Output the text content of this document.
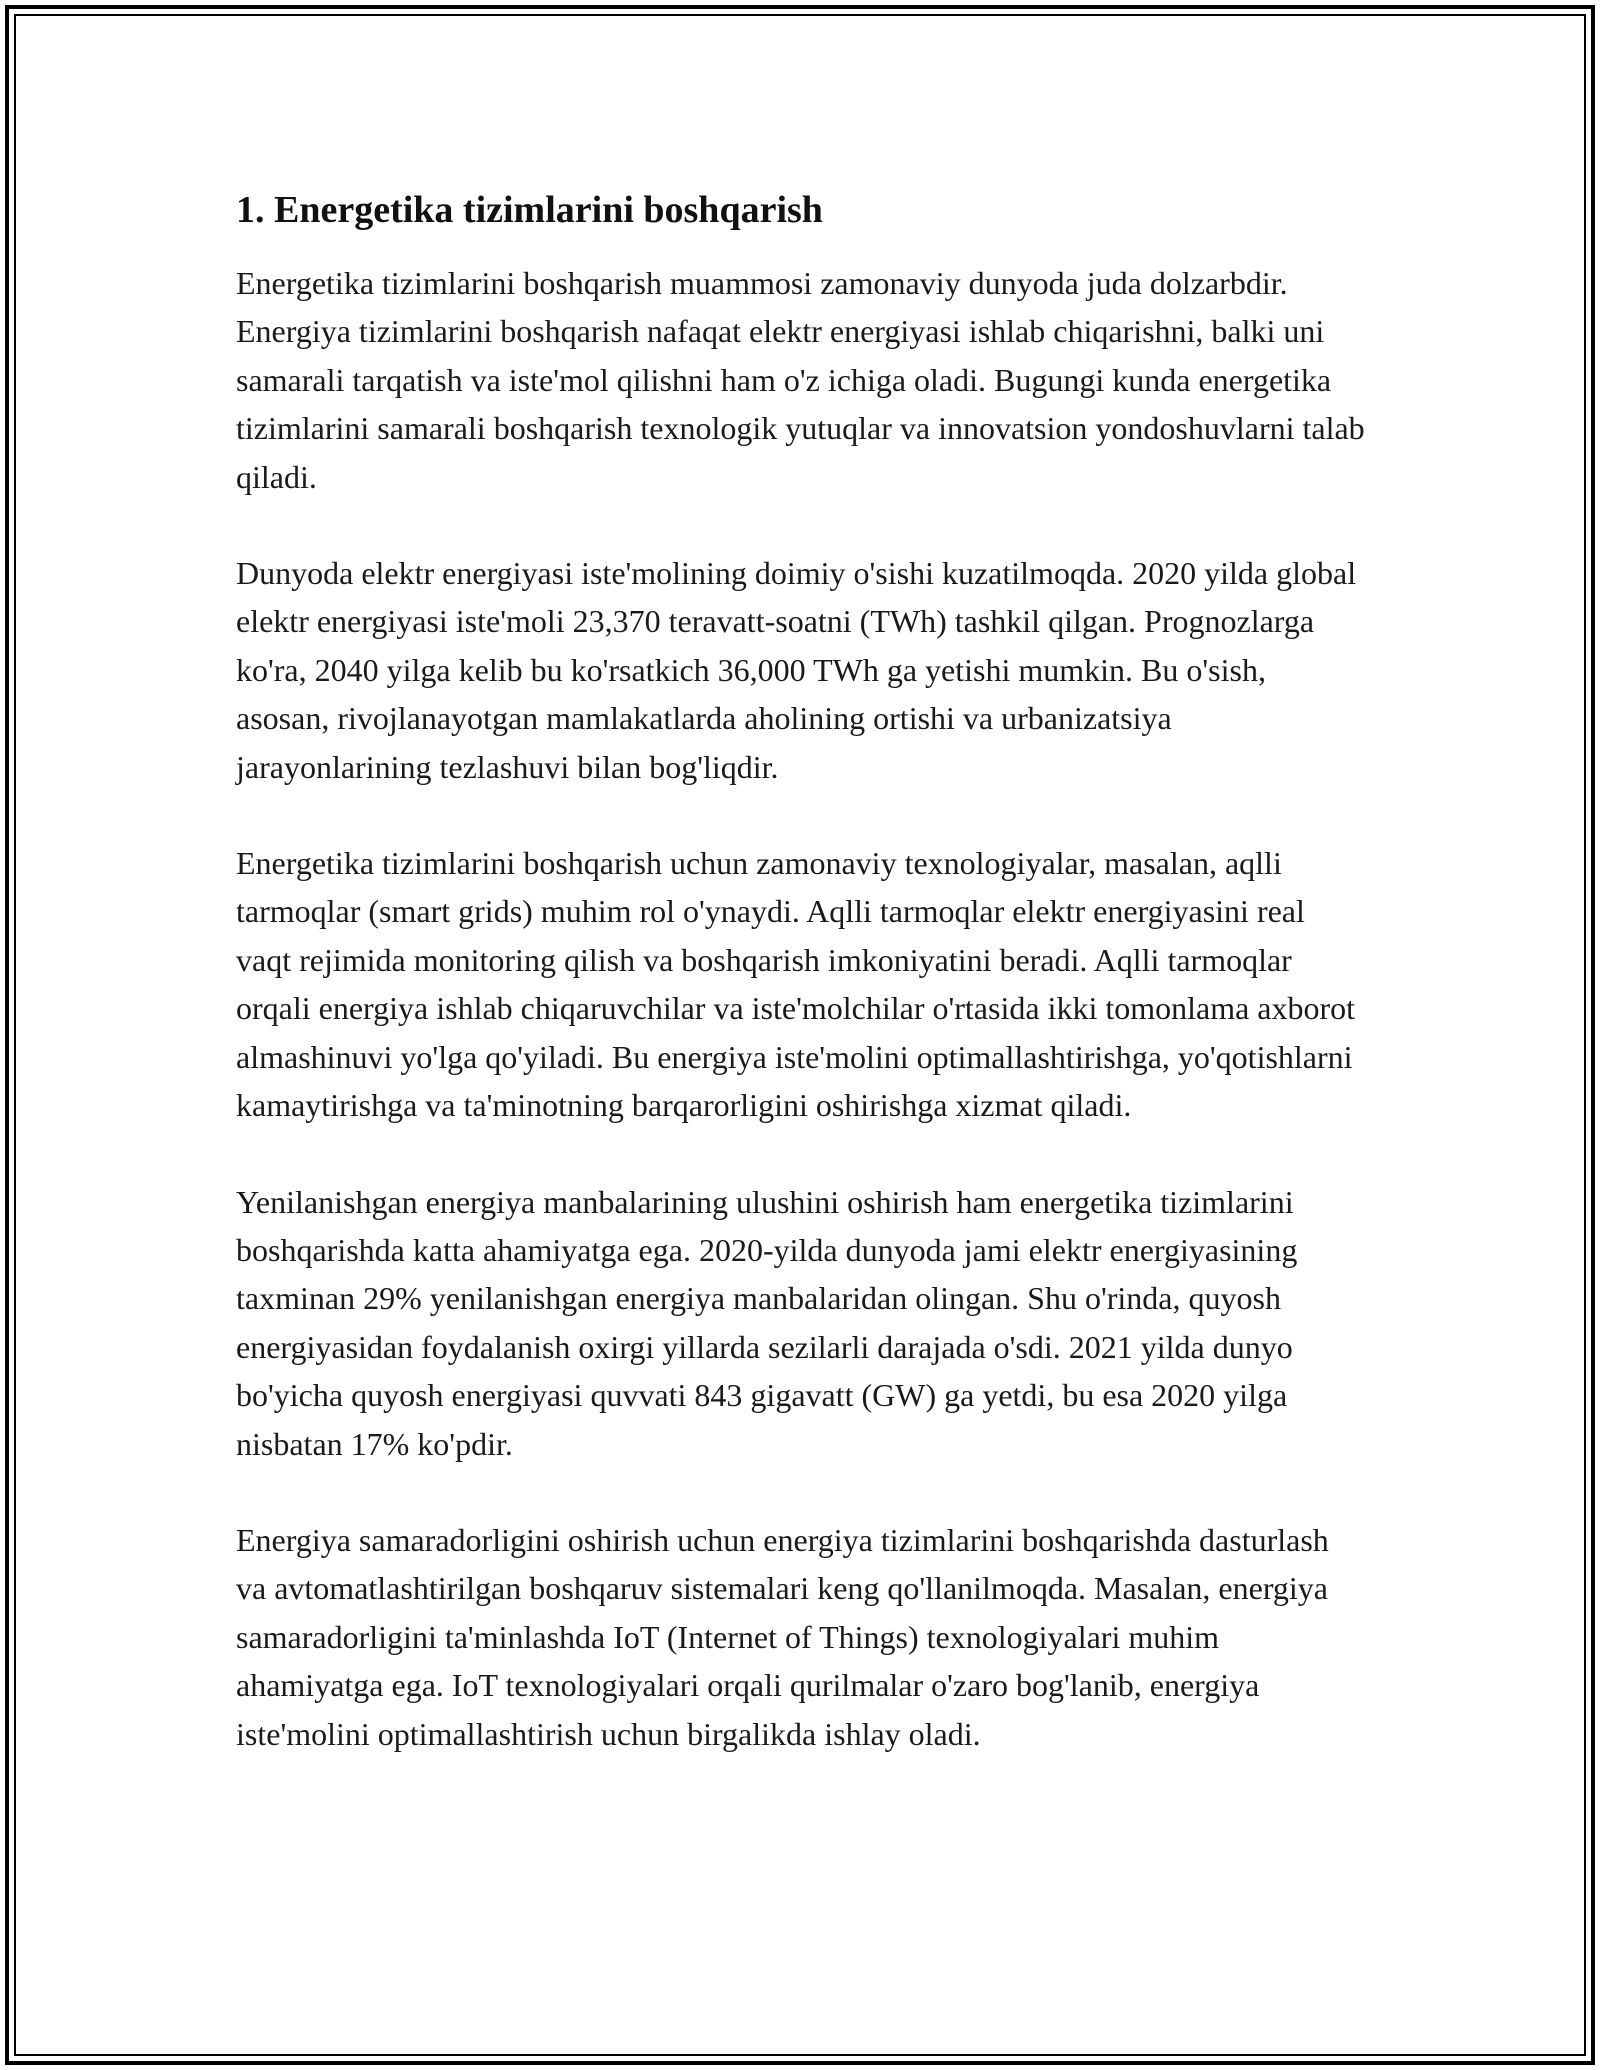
1. Energetika tizimlarini boshqarish

Energetika tizimlarini boshqarish muammosi zamonaviy dunyoda juda dolzarbdir. Energiya tizimlarini boshqarish nafaqat elektr energiyasi ishlab chiqarishni, balki uni samarali tarqatish va iste'mol qilishni ham o'z ichiga oladi. Bugungi kunda energetika tizimlarini samarali boshqarish texnologik yutuqlar va innovatsion yondoshuvlarni talab qiladi.

Dunyoda elektr energiyasi iste'molining doimiy o'sishi kuzatilmoqda. 2020 yilda global elektr energiyasi iste'moli 23,370 teravatt-soatni (TWh) tashkil qilgan. Prognozlarga ko'ra, 2040 yilga kelib bu ko'rsatkich 36,000 TWh ga yetishi mumkin. Bu o'sish, asosan, rivojlanayotgan mamlakatlarda aholining ortishi va urbanizatsiya jarayonlarining tezlashuvi bilan bog'liqdir.

Energetika tizimlarini boshqarish uchun zamonaviy texnologiyalar, masalan, aqlli tarmoqlar (smart grids) muhim rol o'ynaydi. Aqlli tarmoqlar elektr energiyasini real vaqt rejimida monitoring qilish va boshqarish imkoniyatini beradi. Aqlli tarmoqlar orqali energiya ishlab chiqaruvchilar va iste'molchilar o'rtasida ikki tomonlama axborot almashinuvi yo'lga qo'yiladi. Bu energiya iste'molini optimallashtirishga, yo'qotishlarni kamaytirishga va ta'minotning barqarorligini oshirishga xizmat qiladi.

Yenilanishgan energiya manbalarining ulushini oshirish ham energetika tizimlarini boshqarishda katta ahamiyatga ega. 2020-yilda dunyoda jami elektr energiyasining taxminan 29% yenilanishgan energiya manbalaridan olingan. Shu o'rinda, quyosh energiyasidan foydalanish oxirgi yillarda sezilarli darajada o'sdi. 2021 yilda dunyo bo'yicha quyosh energiyasi quvvati 843 gigavatt (GW) ga yetdi, bu esa 2020 yilga nisbatan 17% ko'pdir.

Energiya samaradorligini oshirish uchun energiya tizimlarini boshqarishda dasturlash va avtomatlashtirilgan boshqaruv sistemalari keng qo'llanilmoqda. Masalan, energiya samaradorligini ta'minlashda IoT (Internet of Things) texnologiyalari muhim ahamiyatga ega. IoT texnologiyalari orqali qurilmalar o'zaro bog'lanib, energiya iste'molini optimallashtirish uchun birgalikda ishlay oladi.
